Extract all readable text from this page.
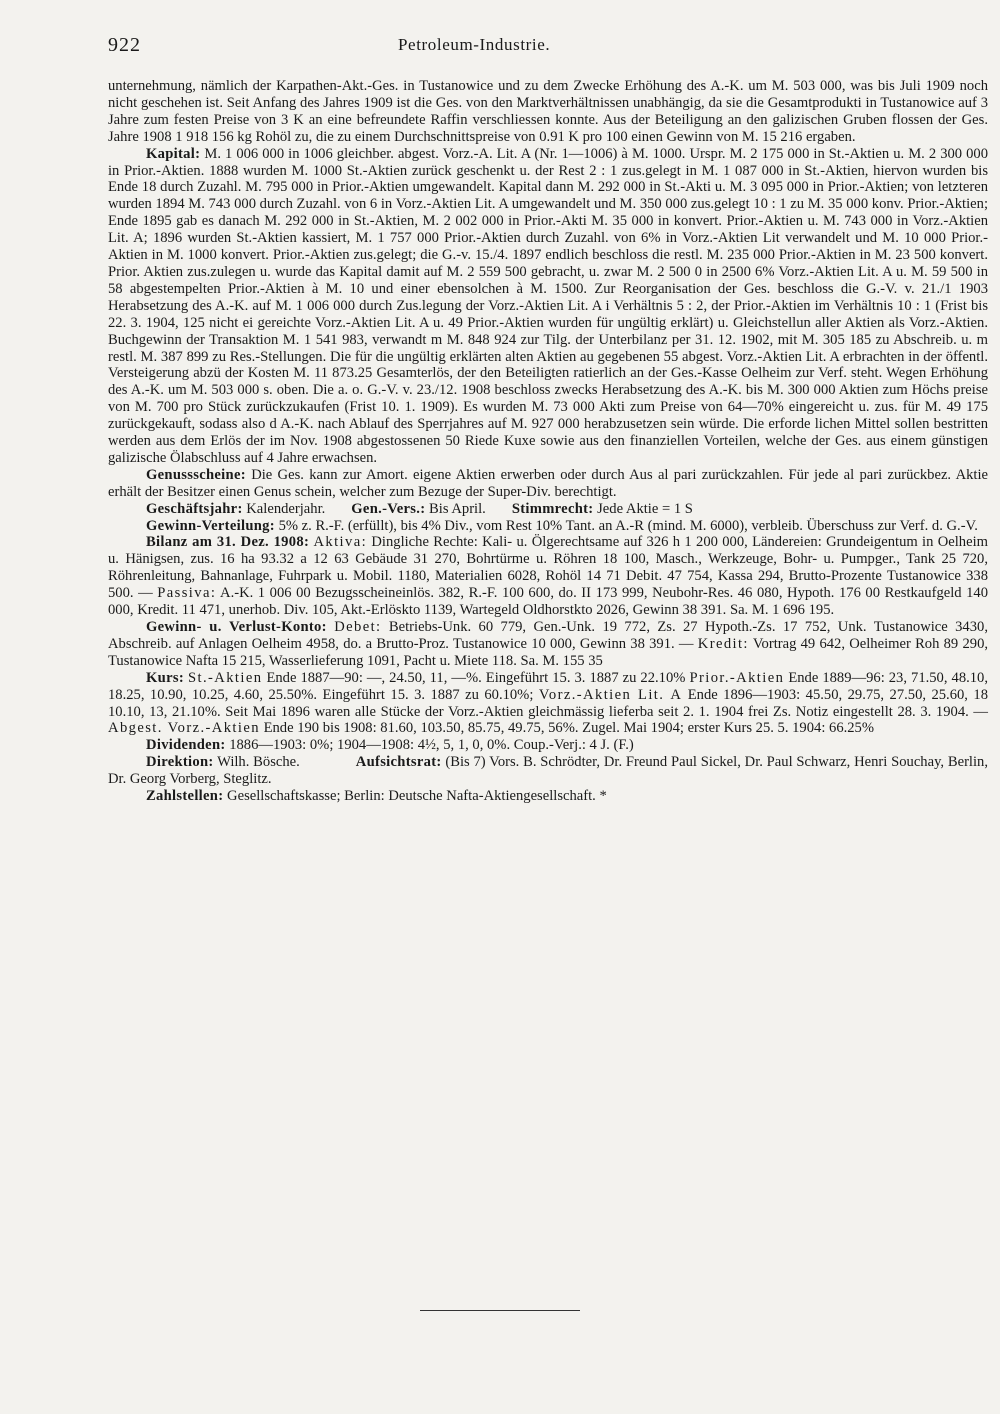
922	Petroleum-Industrie.

unternehmung, nämlich der Karpathen-Akt.-Ges. in Tustanowice und zu dem Zwecke Erhöhung des A.-K. um M. 503 000, was bis Juli 1909 noch nicht geschehen ist. Seit Anfang des Jahres 1909 ist die Ges. von den Marktverhältnissen unabhängig, da sie die Gesamtprodukti in Tustanowice auf 3 Jahre zum festen Preise von 3 K an eine befreundete Raffin verschliessen konnte. Aus der Beteiligung an den galizischen Gruben flossen der Ges. Jahre 1908 1 918 156 kg Rohöl zu, die zu einem Durchschnittspreise von 0.91 K pro 100 einen Gewinn von M. 15 216 ergaben.

Kapital: M. 1 006 000 in 1006 gleichber. abgest. Vorz.-A. Lit. A (Nr. 1—1006) à M. 1000. Urspr. M. 2 175 000 in St.-Aktien u. M. 2 300 000 in Prior.-Aktien. 1888 wurden M. 1000 St.-Aktien zurück geschenkt u. der Rest 2 : 1 zus.gelegt in M. 1 087 000 in St.-Aktien, hiervon wurden bis Ende 18 durch Zuzahl. M. 795 000 in Prior.-Aktien umgewandelt. Kapital dann M. 292 000 in St.-Akti u. M. 3 095 000 in Prior.-Aktien; von letzteren wurden 1894 M. 743 000 durch Zuzahl. von 6 in Vorz.-Aktien Lit. A umgewandelt und M. 350 000 zus.gelegt 10 : 1 zu M. 35 000 konv. Prior.-Aktien; Ende 1895 gab es danach M. 292 000 in St.-Aktien, M. 2 002 000 in Prior.-Akti M. 35 000 in konvert. Prior.-Aktien u. M. 743 000 in Vorz.-Aktien Lit. A; 1896 wurden St.-Aktien kassiert, M. 1 757 000 Prior.-Aktien durch Zuzahl. von 6% in Vorz.-Aktien Lit verwandelt und M. 10 000 Prior.-Aktien in M. 1000 konvert. Prior.-Aktien zus.gelegt; die G.-v. 15./4. 1897 endlich beschloss die restl. M. 235 000 Prior.-Aktien in M. 23 500 konvert. Prior. Aktien zus.zulegen u. wurde das Kapital damit auf M. 2 559 500 gebracht, u. zwar M. 2 500 0 in 2500 6% Vorz.-Aktien Lit. A u. M. 59 500 in 58 abgestempelten Prior.-Aktien à M. 10 und einer ebensolchen à M. 1500. Zur Reorganisation der Ges. beschloss die G.-V. v. 21./1 1903 Herabsetzung des A.-K. auf M. 1 006 000 durch Zus.legung der Vorz.-Aktien Lit. A i Verhältnis 5 : 2, der Prior.-Aktien im Verhältnis 10 : 1 (Frist bis 22. 3. 1904, 125 nicht ei gereichte Vorz.-Aktien Lit. A u. 49 Prior.-Aktien wurden für ungültig erklärt) u. Gleichstellun aller Aktien als Vorz.-Aktien. Buchgewinn der Transaktion M. 1 541 983, verwandt m M. 848 924 zur Tilg. der Unterbilanz per 31. 12. 1902, mit M. 305 185 zu Abschreib. u. m restl. M. 387 899 zu Res.-Stellungen. Die für die ungültig erklärten alten Aktien au gegebenen 55 abgest. Vorz.-Aktien Lit. A erbrachten in der öffentl. Versteigerung abzü der Kosten M. 11 873.25 Gesamterlös, der den Beteiligten ratierlich an der Ges.-Kasse Oelheim zur Verf. steht. Wegen Erhöhung des A.-K. um M. 503 000 s. oben. Die a. o. G.-V. v. 23./12. 1908 beschloss zwecks Herabsetzung des A.-K. bis M. 300 000 Aktien zum Höchs preise von M. 700 pro Stück zurückzukaufen (Frist 10. 1. 1909). Es wurden M. 73 000 Akti zum Preise von 64—70% eingereicht u. zus. für M. 49 175 zurückgekauft, sodass also d A.-K. nach Ablauf des Sperrjahres auf M. 927 000 herabzusetzen sein würde. Die erforde lichen Mittel sollen bestritten werden aus dem Erlös der im Nov. 1908 abgestossenen 50 Riede Kuxe sowie aus den finanziellen Vorteilen, welche der Ges. aus einem günstigen galizische Ölabschluss auf 4 Jahre erwachsen.

Genussscheine: Die Ges. kann zur Amort. eigene Aktien erwerben oder durch Aus al pari zurückzahlen. Für jede al pari zurückbez. Aktie erhält der Besitzer einen Genus schein, welcher zum Bezuge der Super-Div. berechtigt.

Geschäftsjahr: Kalenderjahr. Gen.-Vers.: Bis April. Stimmrecht: Jede Aktie = 1 S

Gewinn-Verteilung: 5% z. R.-F. (erfüllt), bis 4% Div., vom Rest 10% Tant. an A.-R (mind. M. 6000), verbleib. Überschuss zur Verf. d. G.-V.

Bilanz am 31. Dez. 1908: Aktiva: Dingliche Rechte: Kali- u. Ölgerechtsame auf 326 h 1 200 000, Ländereien: Grundeigentum in Oelheim u. Hänigsen, zus. 16 ha 93.32 a 12 63 Gebäude 31 270, Bohrtürme u. Röhren 18 100, Masch., Werkzeuge, Bohr- u. Pumpger., Tank 25 720, Röhrenleitung, Bahnanlage, Fuhrpark u. Mobil. 1180, Materialien 6028, Rohöl 14 71 Debit. 47 754, Kassa 294, Brutto-Prozente Tustanowice 338 500. — Passiva: A.-K. 1 006 00 Bezugsscheineinlös. 382, R.-F. 100 600, do. II 173 999, Neubohr-Res. 46 080, Hypoth. 176 00 Restkaufgeld 140 000, Kredit. 11 471, unerhob. Div. 105, Akt.-Erlöskto 1139, Wartegeld Oldhorstkto 2026, Gewinn 38 391. Sa. M. 1 696 195.

Gewinn- u. Verlust-Konto: Debet: Betriebs-Unk. 60 779, Gen.-Unk. 19 772, Zs. 27 Hypoth.-Zs. 17 752, Unk. Tustanowice 3430, Abschreib. auf Anlagen Oelheim 4958, do. a Brutto-Proz. Tustanowice 10 000, Gewinn 38 391. — Kredit: Vortrag 49 642, Oelheimer Roh 89 290, Tustanowice Nafta 15 215, Wasserlieferung 1091, Pacht u. Miete 118. Sa. M. 155 35

Kurs: St.-Aktien Ende 1887—90: —, 24.50, 11, —%. Eingeführt 15. 3. 1887 zu 22.10% Prior.-Aktien Ende 1889—96: 23, 71.50, 48.10, 18.25, 10.90, 10.25, 4.60, 25.50%. Eingeführt 15. 3. 1887 zu 60.10%; Vorz.-Aktien Lit. A Ende 1896—1903: 45.50, 29.75, 27.50, 25.60, 18 10.10, 13, 21.10%. Seit Mai 1896 waren alle Stücke der Vorz.-Aktien gleichmässig lieferba seit 2. 1. 1904 frei Zs. Notiz eingestellt 28. 3. 1904. — Abgest. Vorz.-Aktien Ende 190 bis 1908: 81.60, 103.50, 85.75, 49.75, 56%. Zugel. Mai 1904; erster Kurs 25. 5. 1904: 66.25%

Dividenden: 1886—1903: 0%; 1904—1908: 4½, 5, 1, 0, 0%. Coup.-Verj.: 4 J. (F.)

Direktion: Wilh. Bösche.	Aufsichtsrat: (Bis 7) Vors. B. Schrödter, Dr. Freund Paul Sickel, Dr. Paul Schwarz, Henri Souchay, Berlin, Dr. Georg Vorberg, Steglitz.

Zahlstellen: Gesellschaftskasse; Berlin: Deutsche Nafta-Aktiengesellschaft. *
